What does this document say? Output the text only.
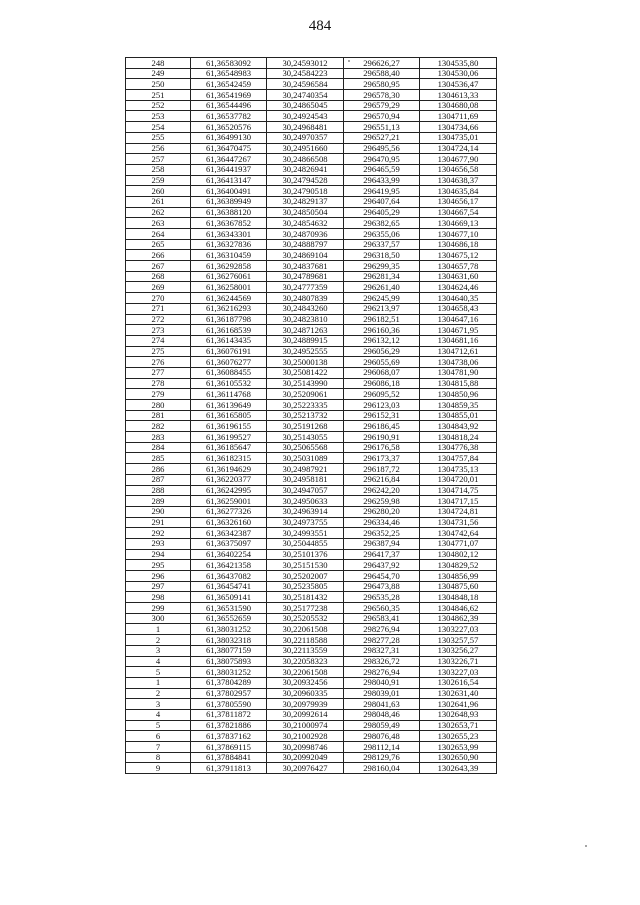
484
248	61,36583092	30,24593012	296626,27	1304535,80
249	61,36548983	30,24584223	296588,40	1304530,06
250	61,36542459	30,24596584	296580,95	1304536,47
251	61,36541969	30,24740354	296578,30	1304613,33
252	61,36544496	30,24865045	296579,29	1304680,08
253	61,36537782	30,24924543	296570,94	1304711,69
254	61,36520576	30,24968481	296551,13	1304734,66
255	61,36499130	30,24970357	296527,21	1304735,01
256	61,36470475	30,24951660	296495,56	1304724,14
257	61,36447267	30,24866508	296470,95	1304677,90
258	61,36441937	30,24826941	296465,59	1304656,58
259	61,36413147	30,24794528	296433,99	1304638,37
260	61,36400491	30,24790518	296419,95	1304635,84
261	61,36389949	30,24829137	296407,64	1304656,17
262	61,36388120	30,24850504	296405,29	1304667,54
263	61,36367852	30,24854632	296382,65	1304669,13
264	61,36343301	30,24870936	296355,06	1304677,10
265	61,36327836	30,24888797	296337,57	1304686,18
266	61,36310459	30,24869104	296318,50	1304675,12
267	61,36292858	30,24837681	296299,35	1304657,78
268	61,36276061	30,24789681	296281,34	1304631,60
269	61,36258001	30,24777359	296261,40	1304624,46
270	61,36244569	30,24807839	296245,99	1304640,35
271	61,36216293	30,24843260	296213,97	1304658,43
272	61,36187798	30,24823810	296182,51	1304647,16
273	61,36168539	30,24871263	296160,36	1304671,95
274	61,36143435	30,24889915	296132,12	1304681,16
275	61,36076191	30,24952555	296056,29	1304712,61
276	61,36076277	30,25000138	296055,69	1304738,06
277	61,36088455	30,25081422	296068,07	1304781,90
278	61,36105532	30,25143990	296086,18	1304815,88
279	61,36114768	30,25209061	296095,52	1304850,96
280	61,36139649	30,25223335	296123,03	1304859,35
281	61,36165805	30,25213732	296152,31	1304855,01
282	61,36196155	30,25191268	296186,45	1304843,92
283	61,36199527	30,25143055	296190,91	1304818,24
284	61,36185647	30,25065568	296176,58	1304776,38
285	61,36182315	30,25031089	296173,37	1304757,84
286	61,36194629	30,24987921	296187,72	1304735,13
287	61,36220377	30,24958181	296216,84	1304720,01
288	61,36242995	30,24947057	296242,20	1304714,75
289	61,36259001	30,24950633	296259,98	1304717,15
290	61,36277326	30,24963914	296280,20	1304724,81
291	61,36326160	30,24973755	296334,46	1304731,56
292	61,36342387	30,24993551	296352,25	1304742,64
293	61,36375097	30,25044855	296387,94	1304771,07
294	61,36402254	30,25101376	296417,37	1304802,12
295	61,36421358	30,25151530	296437,92	1304829,52
296	61,36437082	30,25202007	296454,70	1304856,99
297	61,36454741	30,25235805	296473,88	1304875,60
298	61,36509141	30,25181432	296535,28	1304848,18
299	61,36531590	30,25177238	296560,35	1304846,62
300	61,36552659	30,25205532	296583,41	1304862,39
1	61,38031252	30,22061508	298276,94	1303227,03
2	61,38032318	30,22118588	298277,28	1303257,57
3	61,38077159	30,22113559	298327,31	1303256,27
4	61,38075893	30,22058323	298326,72	1303226,71
5	61,38031252	30,22061508	298276,94	1303227,03
1	61,37804289	30,20932456	298040,91	1302616,54
2	61,37802957	30,20960335	298039,01	1302631,40
3	61,37805590	30,20979939	298041,63	1302641,96
4	61,37811872	30,20992614	298048,46	1302648,93
5	61,37821886	30,21000974	298059,49	1302653,71
6	61,37837162	30,21002928	298076,48	1302655,23
7	61,37869115	30,20998746	298112,14	1302653,99
8	61,37884841	30,20992049	298129,76	1302650,90
9	61,37911813	30,20976427	298160,04	1302643,39
